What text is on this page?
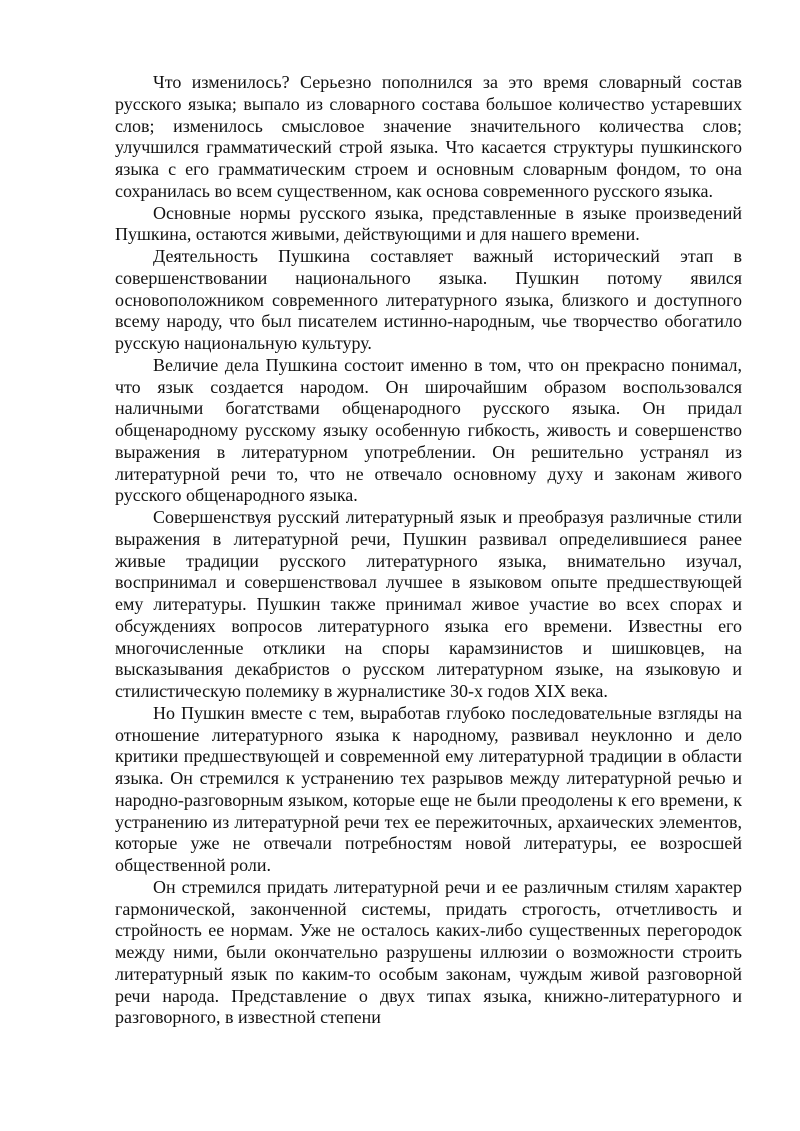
Что изменилось? Серьезно пополнился за это время словарный состав русского языка; выпало из словарного состава большое количество устаревших слов; изменилось смысловое значение значительного количества слов; улучшился грамматический строй языка. Что касается структуры пушкинского языка с его грамматическим строем и основным словарным фондом, то она сохранилась во всем существенном, как основа современного русского языка.

Основные нормы русского языка, представленные в языке произведений Пушкина, остаются живыми, действующими и для нашего времени.

Деятельность Пушкина составляет важный исторический этап в совершенствовании национального языка. Пушкин потому явился основоположником современного литературного языка, близкого и доступного всему народу, что был писателем истинно-народным, чье творчество обогатило русскую национальную культуру.

Величие дела Пушкина состоит именно в том, что он прекрасно понимал, что язык создается народом. Он широчайшим образом воспользовался наличными богатствами общенародного русского языка. Он придал общенародному русскому языку особенную гибкость, живость и совершенство выражения в литературном употреблении. Он решительно устранял из литературной речи то, что не отвечало основному духу и законам живого русского общенародного языка.

Совершенствуя русский литературный язык и преобразуя различные стили выражения в литературной речи, Пушкин развивал определившиеся ранее живые традиции русского литературного языка, внимательно изучал, воспринимал и совершенствовал лучшее в языковом опыте предшествующей ему литературы. Пушкин также принимал живое участие во всех спорах и обсуждениях вопросов литературного языка его времени. Известны его многочисленные отклики на споры карамзинистов и шишковцев, на высказывания декабристов о русском литературном языке, на языковую и стилистическую полемику в журналистике 30-х годов XIX века.

Но Пушкин вместе с тем, выработав глубоко последовательные взгляды на отношение литературного языка к народному, развивал неуклонно и дело критики предшествующей и современной ему литературной традиции в области языка. Он стремился к устранению тех разрывов между литературной речью и народно-разговорным языком, которые еще не были преодолены к его времени, к устранению из литературной речи тех ее пережиточных, архаических элементов, которые уже не отвечали потребностям новой литературы, ее возросшей общественной роли.

Он стремился придать литературной речи и ее различным стилям характер гармонической, законченной системы, придать строгость, отчетливость и стройность ее нормам. Уже не осталось каких-либо существенных перегородок между ними, были окончательно разрушены иллюзии о возможности строить литературный язык по каким-то особым законам, чуждым живой разговорной речи народа. Представление о двух типах языка, книжно-литературного и разговорного, в известной степени
